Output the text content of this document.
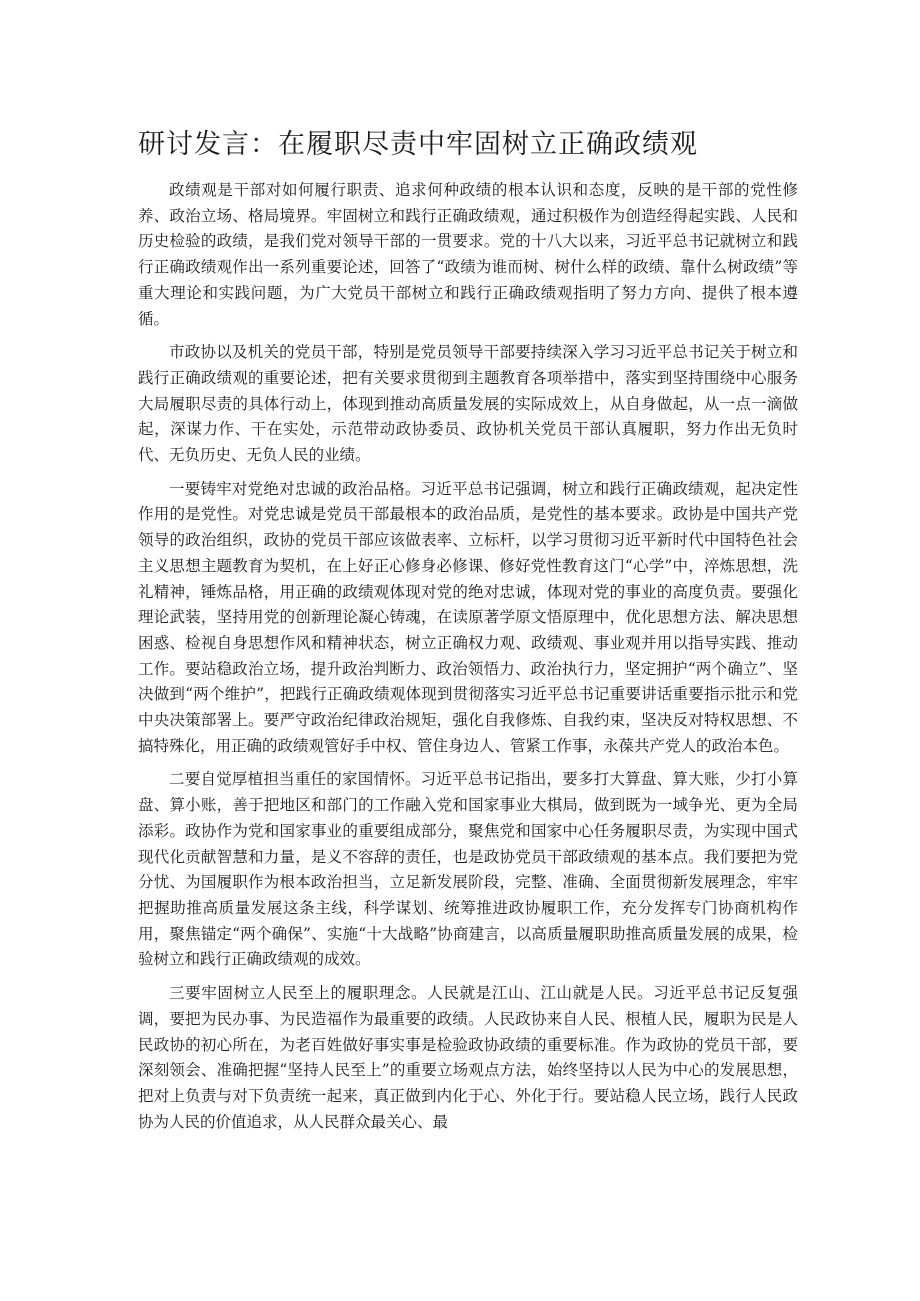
研讨发言：在履职尽责中牢固树立正确政绩观

政绩观是干部对如何履行职责、追求何种政绩的根本认识和态度，反映的是干部的党性修养、政治立场、格局境界。牢固树立和践行正确政绩观，通过积极作为创造经得起实践、人民和历史检验的政绩，是我们党对领导干部的一贯要求。党的十八大以来，习近平总书记就树立和践行正确政绩观作出一系列重要论述，回答了“政绩为谁而树、树什么样的政绩、靠什么树政绩”等重大理论和实践问题，为广大党员干部树立和践行正确政绩观指明了努力方向、提供了根本遵循。

市政协以及机关的党员干部，特别是党员领导干部要持续深入学习习近平总书记关于树立和践行正确政绩观的重要论述，把有关要求贯彻到主题教育各项举措中，落实到坚持围绕中心服务大局履职尽责的具体行动上，体现到推动高质量发展的实际成效上，从自身做起，从一点一滴做起，深谋力作、干在实处，示范带动政协委员、政协机关党员干部认真履职，努力作出无负时代、无负历史、无负人民的业绩。

一要铸牢对党绝对忠诚的政治品格。习近平总书记强调，树立和践行正确政绩观，起决定性作用的是党性。对党忠诚是党员干部最根本的政治品质，是党性的基本要求。政协是中国共产党领导的政治组织，政协的党员干部应该做表率、立标杆，以学习贯彻习近平新时代中国特色社会主义思想主题教育为契机，在上好正心修身必修课、修好党性教育这门“心学”中，淬炼思想，洗礼精神，锤炼品格，用正确的政绩观体现对党的绝对忠诚，体现对党的事业的高度负责。要强化理论武装，坚持用党的创新理论凝心铸魂，在读原著学原文悟原理中，优化思想方法、解决思想困惑、检视自身思想作风和精神状态，树立正确权力观、政绩观、事业观并用以指导实践、推动工作。要站稳政治立场，提升政治判断力、政治领悟力、政治执行力，坚定拥护“两个确立”、坚决做到“两个维护”，把践行正确政绩观体现到贯彻落实习近平总书记重要讲话重要指示批示和党中央决策部署上。要严守政治纪律政治规矩，强化自我修炼、自我约束，坚决反对特权思想、不搞特殊化，用正确的政绩观管好手中权、管住身边人、管紧工作事，永葆共产党人的政治本色。

二要自觉厚植担当重任的家国情怀。习近平总书记指出，要多打大算盘、算大账，少打小算盘、算小账，善于把地区和部门的工作融入党和国家事业大棋局，做到既为一域争光、更为全局添彩。政协作为党和国家事业的重要组成部分，聚焦党和国家中心任务履职尽责，为实现中国式现代化贡献智慧和力量，是义不容辞的责任，也是政协党员干部政绩观的基本点。我们要把为党分忧、为国履职作为根本政治担当，立足新发展阶段，完整、准确、全面贯彻新发展理念，牢牢把握助推高质量发展这条主线，科学谋划、统筹推进政协履职工作，充分发挥专门协商机构作用，聚焦锚定“两个确保”、实施“十大战略”协商建言，以高质量履职助推高质量发展的成果，检验树立和践行正确政绩观的成效。

三要牢固树立人民至上的履职理念。人民就是江山、江山就是人民。习近平总书记反复强调，要把为民办事、为民造福作为最重要的政绩。人民政协来自人民、根植人民，履职为民是人民政协的初心所在，为老百姓做好事实事是检验政协政绩的重要标准。作为政协的党员干部，要深刻领会、准确把握“坚持人民至上”的重要立场观点方法，始终坚持以人民为中心的发展思想，把对上负责与对下负责统一起来，真正做到内化于心、外化于行。要站稳人民立场，践行人民政协为人民的价值追求，从人民群众最关心、最
